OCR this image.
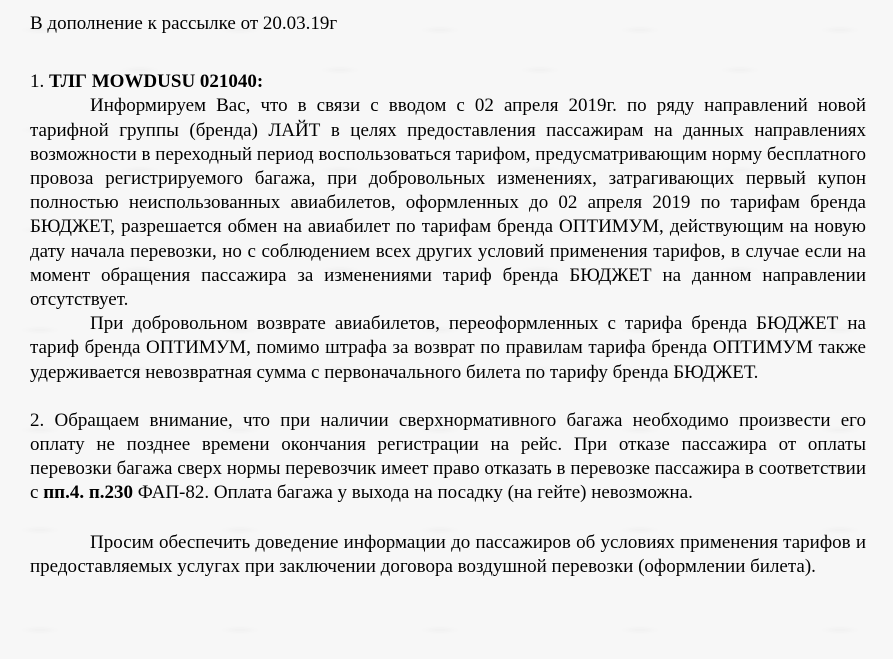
В дополнение к рассылке от 20.03.19г

1. ТЛГ MOWDUSU 021040:

Информируем Вас, что в связи с вводом с 02 апреля 2019г. по ряду направлений новой тарифной группы (бренда) ЛАЙТ в целях предоставления пассажирам на данных направлениях возможности в переходный период воспользоваться тарифом, предусматривающим норму бесплатного провоза регистрируемого багажа, при добровольных изменениях, затрагивающих первый купон полностью неиспользованных авиабилетов, оформленных до 02 апреля 2019 по тарифам бренда БЮДЖЕТ, разрешается обмен на авиабилет по тарифам бренда ОПТИМУМ, действующим на новую дату начала перевозки, но с соблюдением всех других условий применения тарифов, в случае если на момент обращения пассажира за изменениями тариф бренда БЮДЖЕТ на данном направлении отсутствует.

При добровольном возврате авиабилетов, переоформленных с тарифа бренда БЮДЖЕТ на тариф бренда ОПТИМУМ, помимо штрафа за возврат по правилам тарифа бренда ОПТИМУМ также удерживается невозвратная сумма с первоначального билета по тарифу бренда БЮДЖЕТ.

2. Обращаем внимание, что при наличии сверхнормативного багажа необходимо произвести его оплату не позднее времени окончания регистрации на рейс. При отказе пассажира от оплаты перевозки багажа сверх нормы перевозчик имеет право отказать в перевозке пассажира в соответствии с пп.4. п.230 ФАП-82. Оплата багажа у выхода на посадку (на гейте) невозможна.

Просим обеспечить доведение информации до пассажиров об условиях применения тарифов и предоставляемых услугах при заключении договора воздушной перевозки (оформлении билета).
